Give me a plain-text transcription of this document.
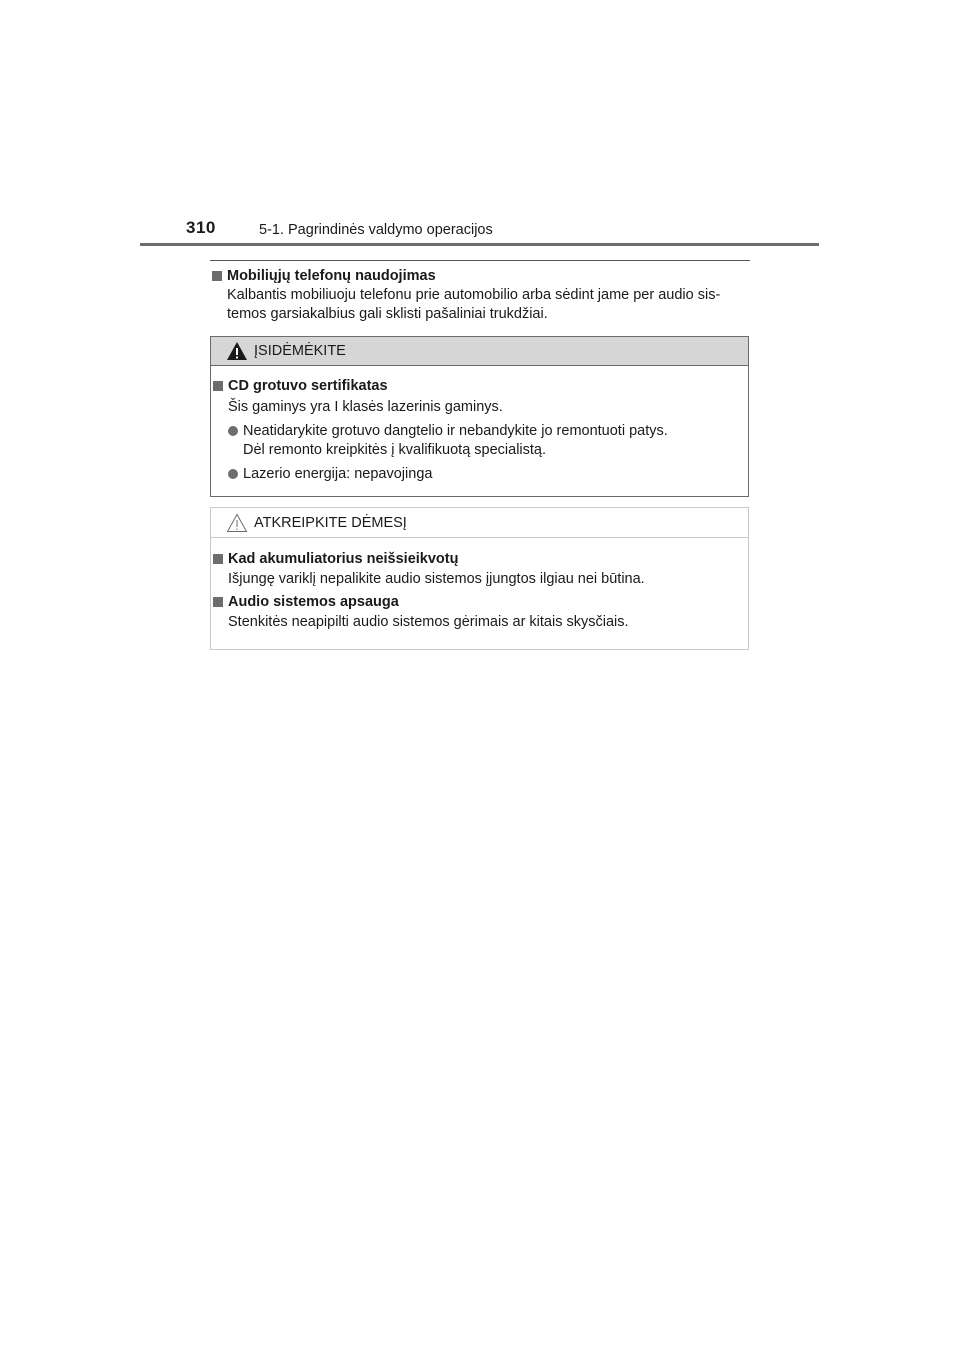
310	5-1. Pagrindinės valdymo operacijos
Mobiliųjų telefonų naudojimas
Kalbantis mobiliuoju telefonu prie automobilio arba sėdint jame per audio sis-
temos garsiakalbius gali sklisti pašaliniai trukdžiai.
ĮSIDĖMĖKITE
CD grotuvo sertifikatas
Šis gaminys yra I klasės lazerinis gaminys.
Neatidarykite grotuvo dangtelio ir nebandykite jo remontuoti patys.
Dėl remonto kreipkitės į kvalifikuotą specialistą.
Lazerio energija: nepavojinga
ATKREIPKITE DĖMESĮ
Kad akumuliatorius neišsieikvotų
Išjungę variklį nepalikite audio sistemos įjungtos ilgiau nei būtina.
Audio sistemos apsauga
Stenkitės neapipilti audio sistemos gėrimais ar kitais skysčiais.
